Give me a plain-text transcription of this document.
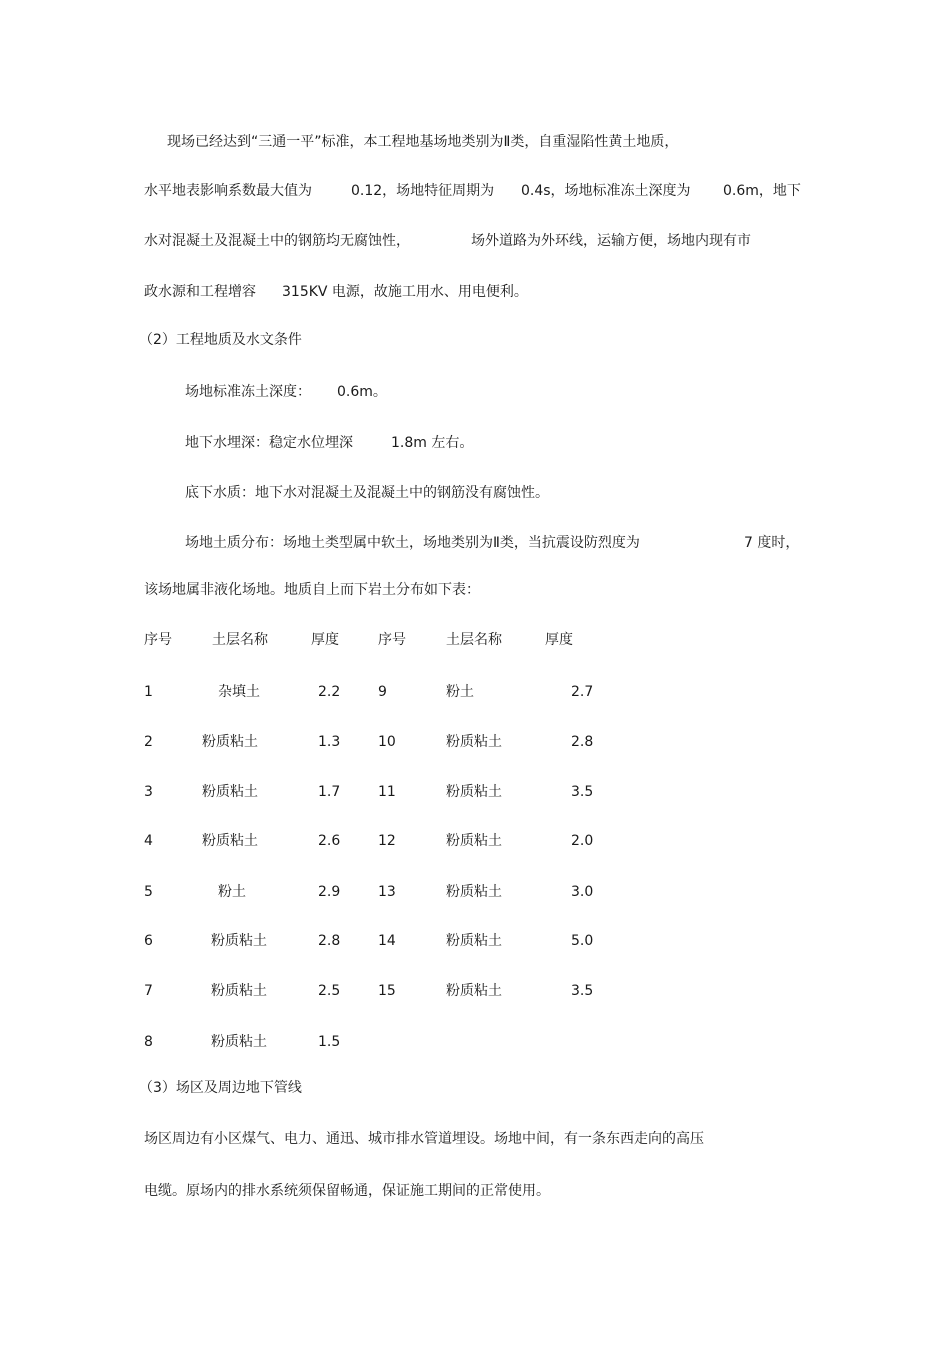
现场已经达到“三通一平”标准，本工程地基场地类别为Ⅱ类，自重湿陷性黄土地质，
水平地表影响系数最大值为	0.12，场地特征周期为 0.4s，场地标准冻土深度为 0.6m，地下
水对混凝土及混凝土中的钢筋均无腐蚀性，	场外道路为外环线，运输方便，场地内现有市
政水源和工程增容 315KV 电源，故施工用水、用电便利。
（2）工程地质及水文条件
场地标准冻土深度： 0.6m。
地下水埋深：稳定水位埋深	1.8m 左右。
底下水质：地下水对混凝土及混凝土中的钢筋没有腐蚀性。
场地土质分布：场地土类型属中软土，场地类别为Ⅱ类，当抗震设防烈度为	7 度时，
该场地属非液化场地。地质自上而下岩土分布如下表：
序号	土层名称	厚度	序号	土层名称	厚度
1	杂填土	2.2	9	粉土	2.7
2	粉质粘土	1.3	10	粉质粘土	2.8
3	粉质粘土	1.7	11	粉质粘土	3.5
4	粉质粘土	2.6	12	粉质粘土	2.0
5	粉土	2.9	13	粉质粘土	3.0
6	粉质粘土	2.8	14	粉质粘土	5.0
7	粉质粘土	2.5	15	粉质粘土	3.5
8	粉质粘土	1.5
（3）场区及周边地下管线
场区周边有小区煤气、电力、通迅、城市排水管道埋设。场地中间，有一条东西走向的高压
电缆。原场内的排水系统须保留畅通，保证施工期间的正常使用。
